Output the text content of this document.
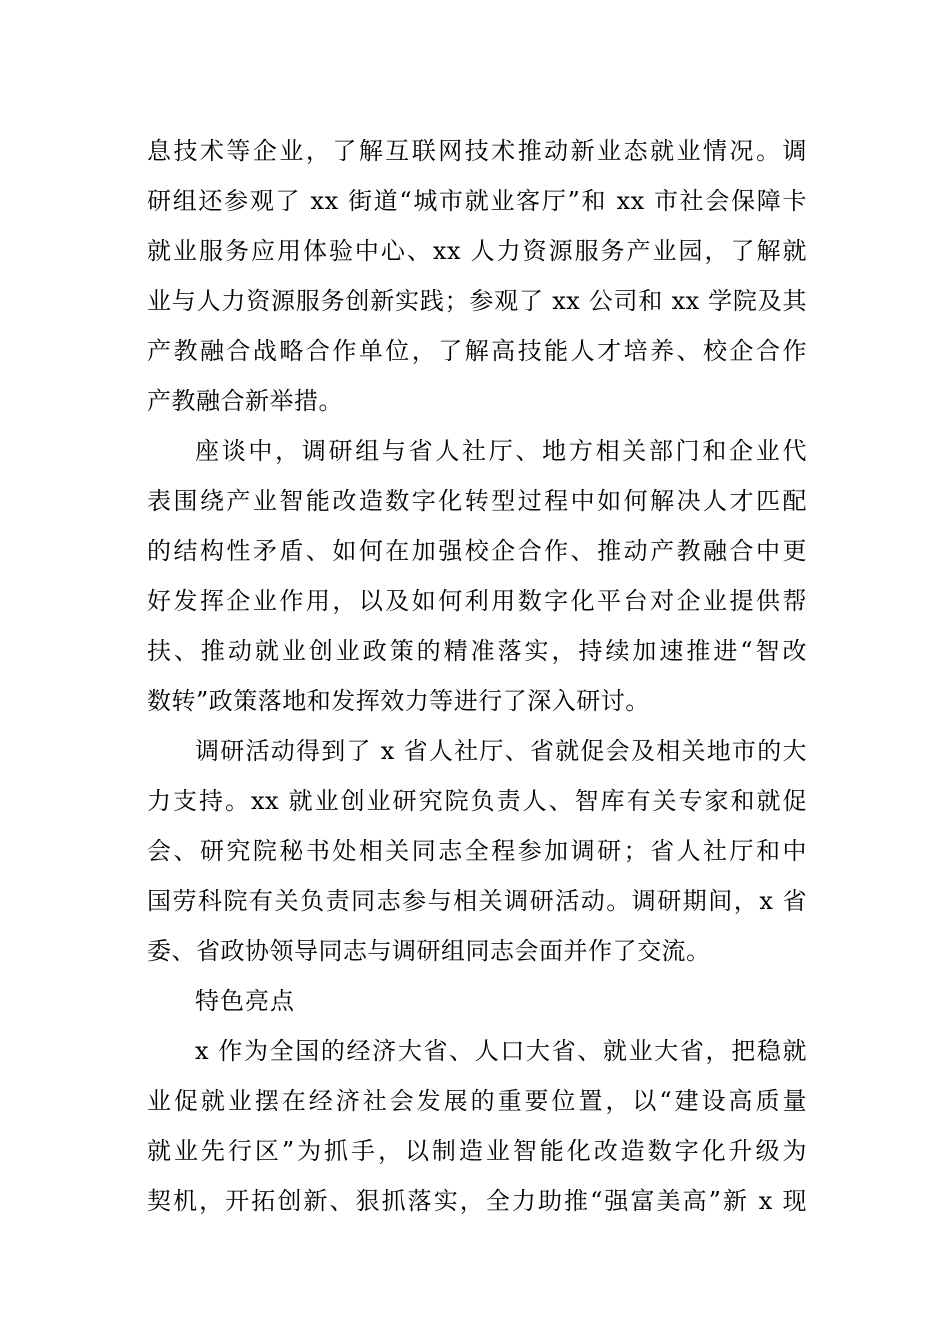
息技术等企业，了解互联网技术推动新业态就业情况。调
研组还参观了 xx 街道“城市就业客厅”和 xx 市社会保障卡
就业服务应用体验中心、xx 人力资源服务产业园，了解就
业与人力资源服务创新实践；参观了 xx 公司和 xx 学院及其
产教融合战略合作单位，了解高技能人才培养、校企合作
产教融合新举措。
座谈中，调研组与省人社厅、地方相关部门和企业代
表围绕产业智能改造数字化转型过程中如何解决人才匹配
的结构性矛盾、如何在加强校企合作、推动产教融合中更
好发挥企业作用，以及如何利用数字化平台对企业提供帮
扶、推动就业创业政策的精准落实，持续加速推进“智改
数转”政策落地和发挥效力等进行了深入研讨。
调研活动得到了 x 省人社厅、省就促会及相关地市的大
力支持。xx 就业创业研究院负责人、智库有关专家和就促
会、研究院秘书处相关同志全程参加调研；省人社厅和中
国劳科院有关负责同志参与相关调研活动。调研期间，x 省
委、省政协领导同志与调研组同志会面并作了交流。
特色亮点
x 作为全国的经济大省、人口大省、就业大省，把稳就
业促就业摆在经济社会发展的重要位置，以“建设高质量
就业先行区”为抓手，以制造业智能化改造数字化升级为
契机，开拓创新、狠抓落实，全力助推“强富美高”新 x 现
